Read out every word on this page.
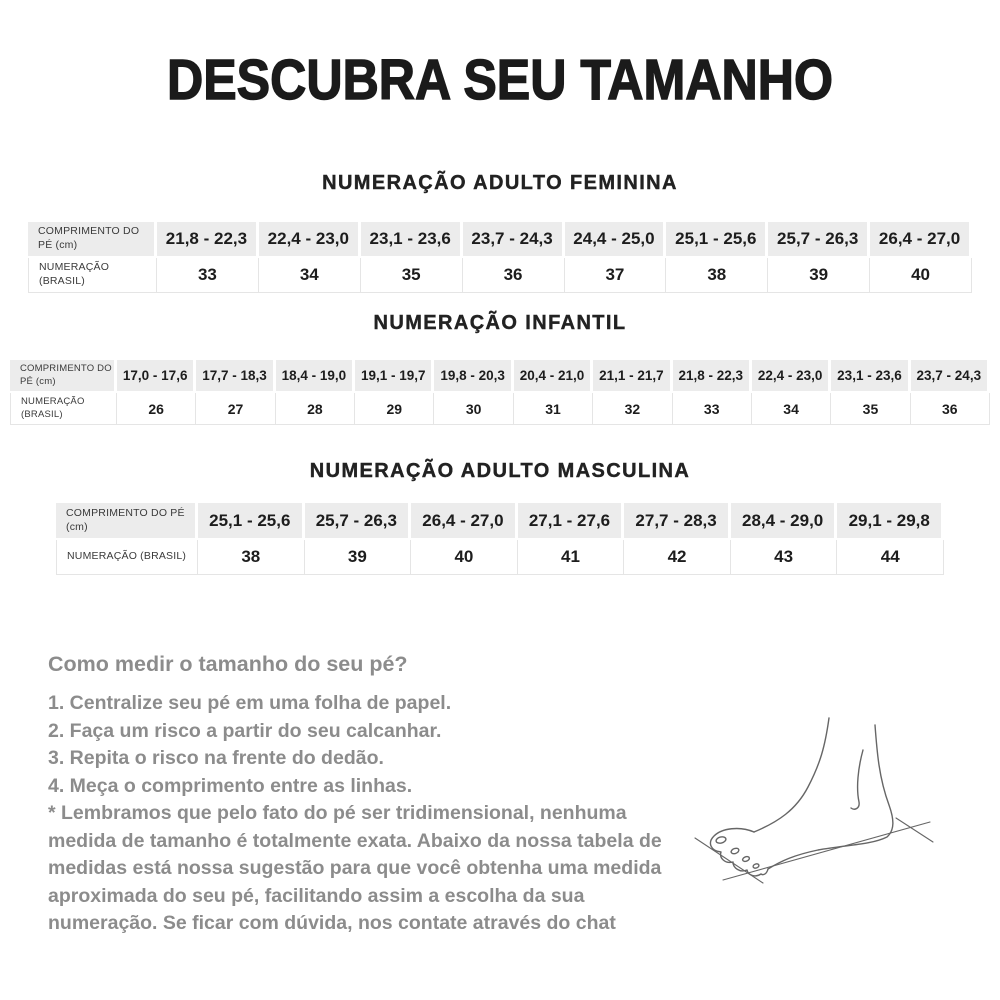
DESCUBRA SEU TAMANHO
NUMERAÇÃO ADULTO FEMININA
COMPRIMENTO DO PÉ (cm)	21,8 - 22,3	22,4 - 23,0	23,1 - 23,6	23,7 - 24,3	24,4 - 25,0	25,1 - 25,6	25,7 - 26,3	26,4 - 27,0
NUMERAÇÃO (BRASIL)	33	34	35	36	37	38	39	40
NUMERAÇÃO INFANTIL
COMPRIMENTO DO PÉ (cm)	17,0 - 17,6	17,7 - 18,3	18,4 - 19,0	19,1 - 19,7	19,8 - 20,3	20,4 - 21,0	21,1 - 21,7	21,8 - 22,3	22,4 - 23,0	23,1 - 23,6	23,7 - 24,3
NUMERAÇÃO (BRASIL)	26	27	28	29	30	31	32	33	34	35	36
NUMERAÇÃO ADULTO MASCULINA
COMPRIMENTO DO PÉ (cm)	25,1 - 25,6	25,7 - 26,3	26,4 - 27,0	27,1 - 27,6	27,7 - 28,3	28,4 - 29,0	29,1 - 29,8
NUMERAÇÃO (BRASIL)	38	39	40	41	42	43	44
Como medir o tamanho do seu pé?
1. Centralize seu pé em uma folha de papel.
2. Faça um risco a partir do seu calcanhar.
3. Repita o risco na frente do dedão.
4. Meça o comprimento entre as linhas.

* Lembramos que pelo fato do pé ser tridimensional, nenhuma medida de tamanho é totalmente exata. Abaixo da nossa tabela de medidas está nossa sugestão para que você obtenha uma medida aproximada do seu pé, facilitando assim a escolha da sua numeração. Se ficar com dúvida, nos contate através do chat
